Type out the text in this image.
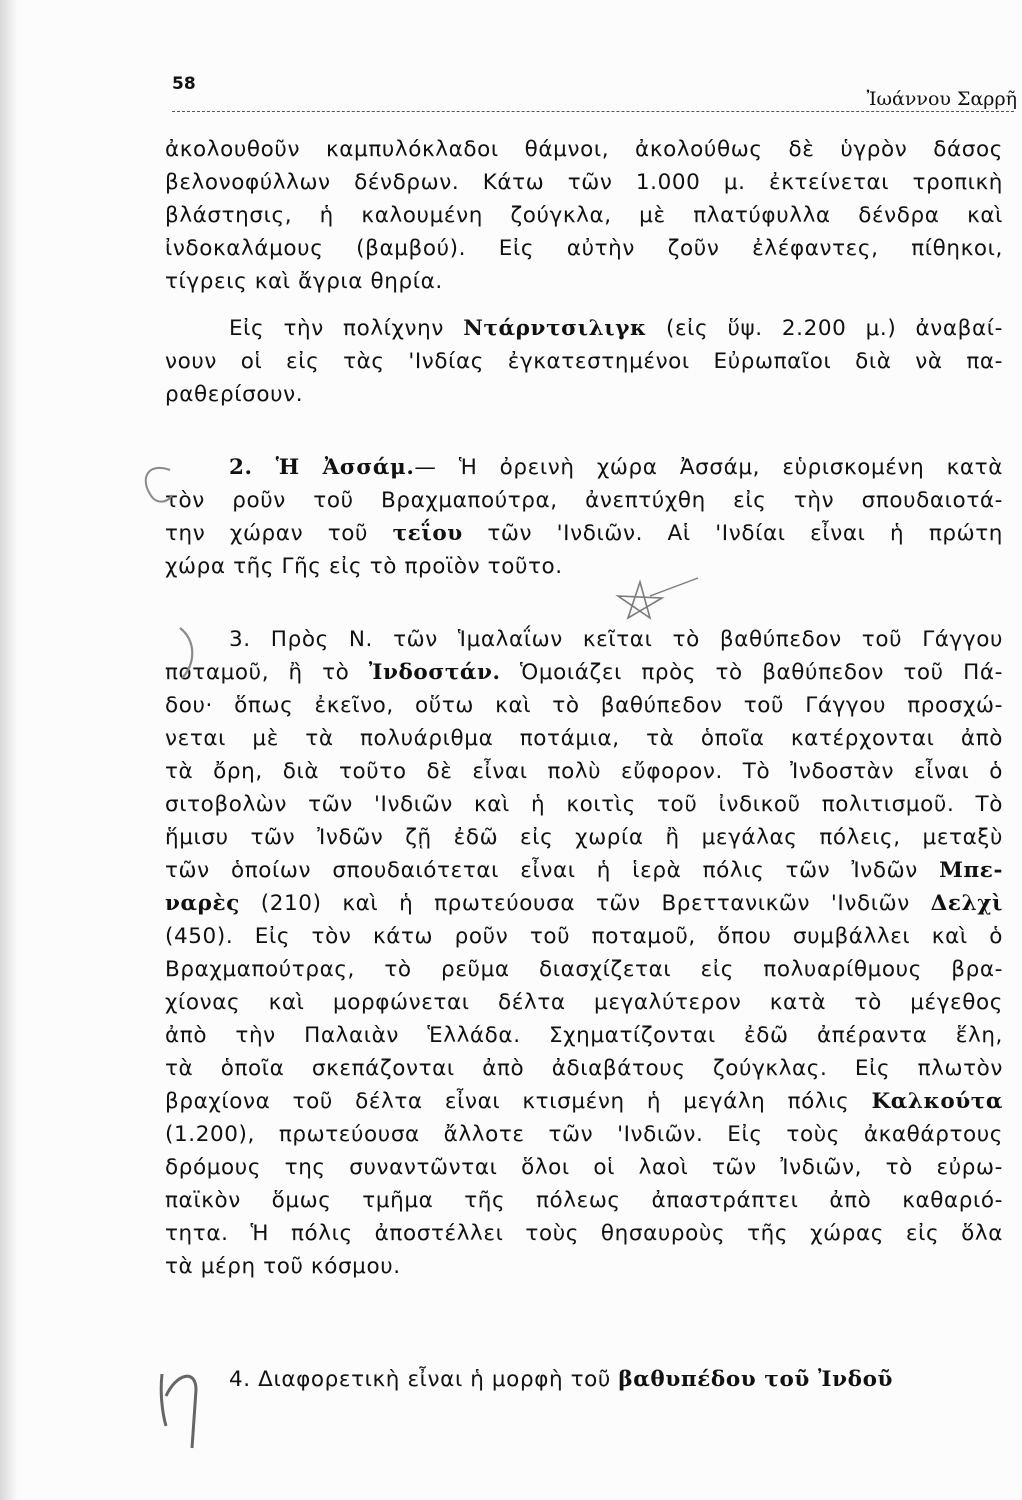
58
Ἰωάννου Σαρρῆ
ἀκολουθοῦν καμπυλόκλαδοι θάμνοι, ἀκολούθως δὲ ὑγρὸν δάσος
βελονοφύλλων δένδρων. Κάτω τῶν 1.000 μ. ἐκτείνεται τροπικὴ
βλάστησις, ἡ καλουμένη ζούγκλα, μὲ πλατύφυλλα δένδρα καὶ
ἰνδοκαλάμους (βαμβού). Εἰς αὐτὴν ζοῦν ἐλέφαντες, πίθηκοι,
τίγρεις καὶ ἄγρια θηρία.
Εἰς τὴν πολίχνην Ντάρντσιλιγκ (εἰς ὕψ. 2.200 μ.) ἀναβαί-
νουν οἱ εἰς τὰς 'Ινδίας ἐγκατεστημένοι Εὐρωπαῖοι διὰ νὰ πα-
ραθερίσουν.
2. Ἡ Ἀσσάμ.— Ἡ ὀρεινὴ χώρα Ἀσσάμ, εὑρισκομένη κατὰ
τὸν ροῦν τοῦ Βραχμαπούτρα, ἀνεπτύχθη εἰς τὴν σπουδαιοτά-
την χώραν τοῦ τεΐου τῶν 'Ινδιῶν. Αἱ 'Ινδίαι εἶναι ἡ πρώτη
χώρα τῆς Γῆς εἰς τὸ προϊὸν τοῦτο.
3. Πρὸς Ν. τῶν Ἱμαλαΐων κεῖται τὸ βαθύπεδον τοῦ Γάγγου
ποταμοῦ, ἢ τὸ Ἰνδοστάν. Ὁμοιάζει πρὸς τὸ βαθύπεδον τοῦ Πά-
δου· ὅπως ἐκεῖνο, οὕτω καὶ τὸ βαθύπεδον τοῦ Γάγγου προσχώ-
νεται μὲ τὰ πολυάριθμα ποτάμια, τὰ ὁποῖα κατέρχονται ἀπὸ
τὰ ὄρη, διὰ τοῦτο δὲ εἶναι πολὺ εὔφορον. Τὸ Ἰνδοστὰν εἶναι ὁ
σιτοβολὼν τῶν 'Ινδιῶν καὶ ἡ κοιτὶς τοῦ ἰνδικοῦ πολιτισμοῦ. Τὸ
ἥμισυ τῶν Ἰνδῶν ζῇ ἐδῶ εἰς χωρία ἢ μεγάλας πόλεις, μεταξὺ
τῶν ὁποίων σπουδαιότεται εἶναι ἡ ἱερὰ πόλις τῶν Ἰνδῶν Μπε-
ναρὲς (210) καὶ ἡ πρωτεύουσα τῶν Βρεττανικῶν 'Ινδιῶν Δελχὶ
(450). Εἰς τὸν κάτω ροῦν τοῦ ποταμοῦ, ὅπου συμβάλλει καὶ ὁ
Βραχμαπούτρας, τὸ ρεῦμα διασχίζεται εἰς πολυαρίθμους βρα-
χίονας καὶ μορφώνεται δέλτα μεγαλύτερον κατὰ τὸ μέγεθος
ἀπὸ τὴν Παλαιὰν Ἑλλάδα. Σχηματίζονται ἐδῶ ἀπέραντα ἕλη,
τὰ ὁποῖα σκεπάζονται ἀπὸ ἀδιαβάτους ζούγκλας. Εἰς πλωτὸν
βραχίονα τοῦ δέλτα εἶναι κτισμένη ἡ μεγάλη πόλις Καλκούτα
(1.200), πρωτεύουσα ἄλλοτε τῶν 'Ινδιῶν. Εἰς τοὺς ἀκαθάρτους
δρόμους της συναντῶνται ὅλοι οἱ λαοὶ τῶν Ἰνδιῶν, τὸ εὐρω-
παϊκὸν ὅμως τμῆμα τῆς πόλεως ἀπαστράπτει ἀπὸ καθαριό-
τητα. Ἡ πόλις ἀποστέλλει τοὺς θησαυροὺς τῆς χώρας εἰς ὅλα
τὰ μέρη τοῦ κόσμου.
4. Διαφορετικὴ εἶναι ἡ μορφὴ τοῦ βαθυπέδου τοῦ Ἰνδοῦ
